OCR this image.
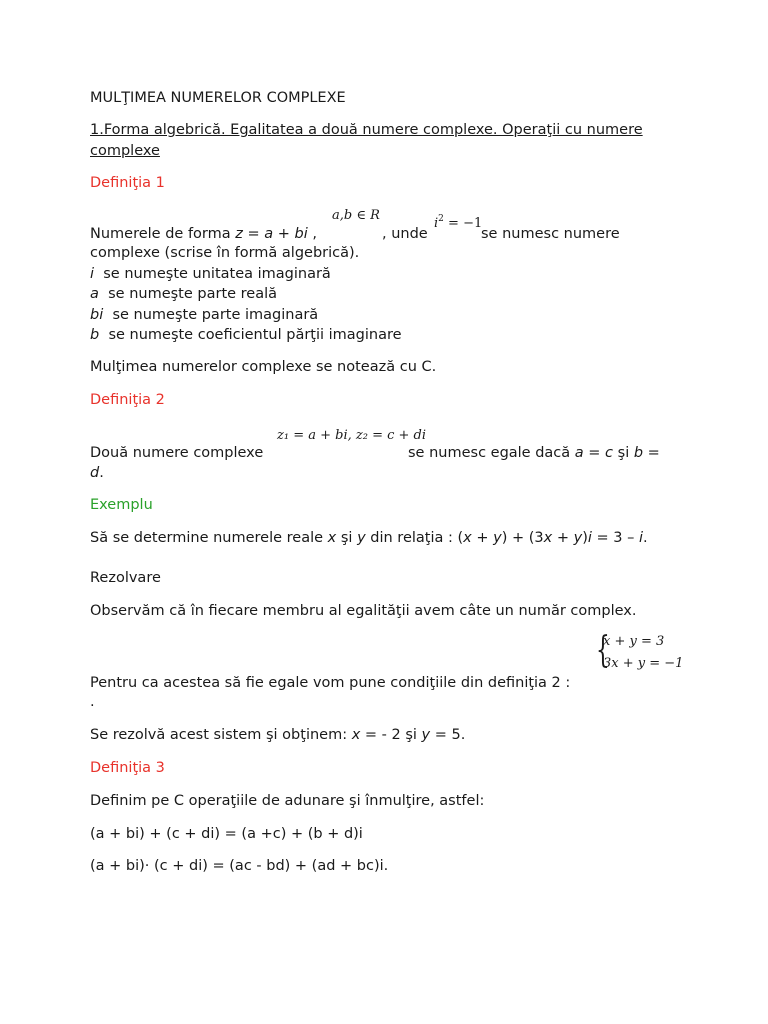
MULŢIMEA NUMERELOR COMPLEXE
1.Forma algebrică. Egalitatea a două numere complexe. Operaţii cu numere
complexe
Definiţia 1
a,b ∈ R
$i^2 = -1$
Numerele de forma z = a + bi ,	, unde	se numesc numere
complexe (scrise în formă algebrică).
i se numeşte unitatea imaginară
a se numeşte parte reală
bi se numeşte parte imaginară
b se numeşte coeficientul părţii imaginare
Mulţimea numerelor complexe se notează cu C.
Definiţia 2
z₁ = a + bi, z₂ = c + di
Două numere complexe	se numesc egale dacă a = c şi b =
d.
Exemplu
Să se determine numerele reale x şi y din relaţia : (x + y) + (3x + y)i = 3 – i.
Rezolvare
Observăm că în fiecare membru al egalităţii avem câte un număr complex.
{
x + y = 3
3x + y = −1
Pentru ca acestea să fie egale vom pune condiţiile din definiţia 2 :
.
Se rezolvă acest sistem şi obţinem: x = - 2 şi y = 5.
Definiţia 3
Definim pe C operaţiile de adunare şi înmulţire, astfel:
(a + bi) + (c + di) = (a +c) + (b + d)i
(a + bi)· (c + di) = (ac - bd) + (ad + bc)i.
